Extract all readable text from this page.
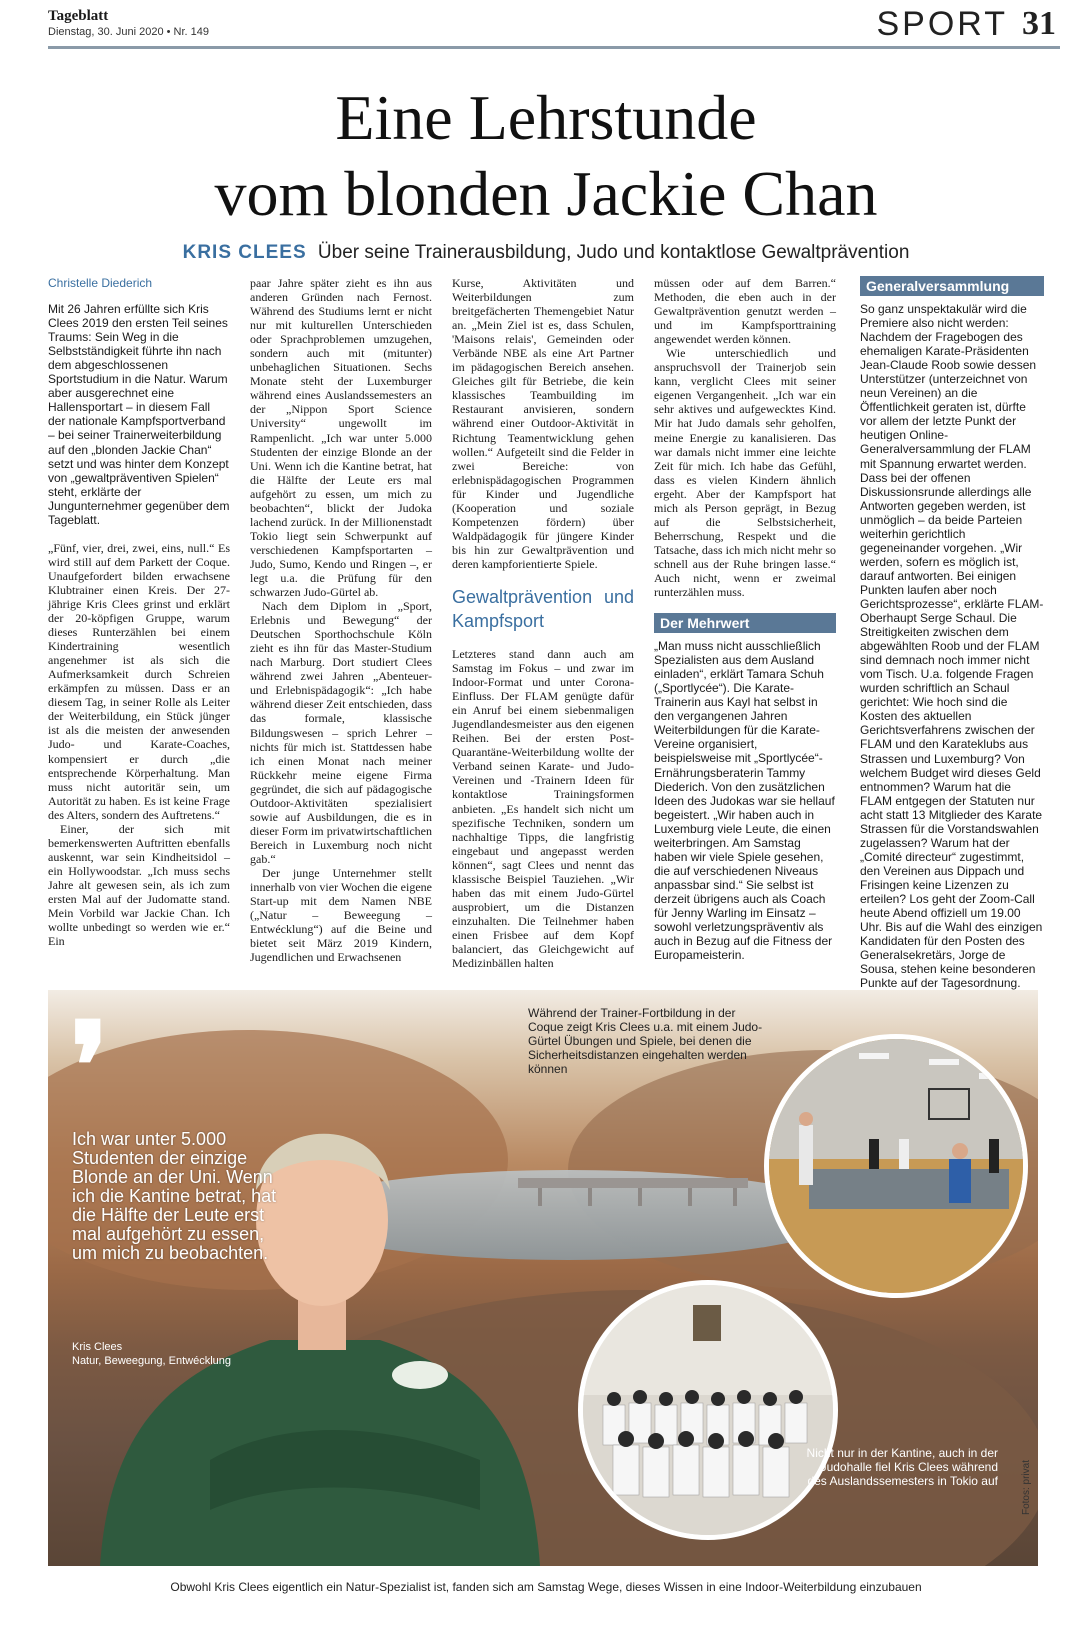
Tageblatt
Dienstag, 30. Juni 2020 • Nr. 149	SPORT 31
Eine Lehrstunde
vom blonden Jackie Chan
KRIS CLEES Über seine Trainerausbildung, Judo und kontaktlose Gewaltprävention

Christelle Diederich

Mit 26 Jahren erfüllte sich Kris Clees 2019 den ersten Teil seines Traums: Sein Weg in die Selbstständigkeit führte ihn nach dem abgeschlossenen Sportstudium in die Natur. Warum aber ausgerechnet eine Hallensportart – in diesem Fall der nationale Kampfsportverband – bei seiner Trainerweiterbildung auf den „blonden Jackie Chan“ setzt und was hinter dem Konzept von „gewaltpräventiven Spielen“ steht, erklärte der Jungunternehmer gegenüber dem Tageblatt.

„Fünf, vier, drei, zwei, eins, null.“ Es wird still auf dem Parkett der Coque. Unaufgefordert bilden erwachsene Klubtrainer einen Kreis. Der 27-jährige Kris Clees grinst und erklärt der 20-köpfigen Gruppe, warum dieses Runterzählen bei einem Kindertraining wesentlich angenehmer ist als sich die Aufmerksamkeit durch Schreien erkämpfen zu müssen. Dass er an diesem Tag, in seiner Rolle als Leiter der Weiterbildung, ein Stück jünger ist als die meisten der anwesenden Judo- und Karate-Coaches, kompensiert er durch „die entsprechende Körperhaltung. Man muss nicht autoritär sein, um Autorität zu haben. Es ist keine Frage des Alters, sondern des Auftretens.“

Einer, der sich mit bemerkenswerten Auftritten ebenfalls auskennt, war sein Kindheitsidol – ein Hollywoodstar. „Ich muss sechs Jahre alt gewesen sein, als ich zum ersten Mal auf der Judomatte stand. Mein Vorbild war Jackie Chan. Ich wollte unbedingt so werden wie er.“ Ein

paar Jahre später zieht es ihn aus anderen Gründen nach Fernost. Während des Studiums lernt er nicht nur mit kulturellen Unterschieden oder Sprachproblemen umzugehen, sondern auch mit (mitunter) unbehaglichen Situationen. Sechs Monate steht der Luxemburger während eines Auslandssemesters an der „Nippon Sport Science University“ ungewollt im Rampenlicht. „Ich war unter 5.000 Studenten der einzige Blonde an der Uni. Wenn ich die Kantine betrat, hat die Hälfte der Leute ers mal aufgehört zu essen, um mich zu beobachten“, blickt der Judoka lachend zurück. In der Millionenstadt Tokio liegt sein Schwerpunkt auf verschiedenen Kampfsportarten – Judo, Sumo, Kendo und Ringen –, er legt u.a. die Prüfung für den schwarzen Judo-Gürtel ab.

Nach dem Diplom in „Sport, Erlebnis und Bewegung“ der Deutschen Sporthochschule Köln zieht es ihn für das Master-Studium nach Marburg. Dort studiert Clees während zwei Jahren „Abenteuer- und Erlebnispädagogik“: „Ich habe während dieser Zeit entschieden, dass das formale, klassische Bildungswesen – sprich Lehrer – nichts für mich ist. Stattdessen habe ich einen Monat nach meiner Rückkehr meine eigene Firma gegründet, die sich auf pädagogische Outdoor-Aktivitäten spezialisiert sowie auf Ausbildungen, die es in dieser Form im privatwirtschaftlichen Bereich in Luxemburg noch nicht gab.“

Der junge Unternehmer stellt innerhalb von vier Wochen die eigene Start-up mit dem Namen NBE („Natur – Beweegung – Entwécklung“) auf die Beine und bietet seit März 2019 Kindern, Jugendlichen und Erwachsenen

Kurse, Aktivitäten und Weiterbildungen zum breitgefächerten Themengebiet Natur an. „Mein Ziel ist es, dass Schulen, 'Maisons relais', Gemeinden oder Verbände NBE als eine Art Partner im pädagogischen Bereich ansehen. Gleiches gilt für Betriebe, die kein klassisches Teambuilding im Restaurant anvisieren, sondern während einer Outdoor-Aktivität in Richtung Teamentwicklung gehen wollen.“ Aufgeteilt sind die Felder in zwei Bereiche: von erlebnispädagogischen Programmen für Kinder und Jugendliche (Kooperation und soziale Kompetenzen fördern) über Waldpädagogik für jüngere Kinder bis hin zur Gewaltprävention und deren kampforientierte Spiele.

Gewaltprävention und Kampfsport

Letzteres stand dann auch am Samstag im Fokus – und zwar im Indoor-Format und unter Corona-Einfluss. Der FLAM genügte dafür ein Anruf bei einem siebenmaligen Jugendlandesmeister aus den eigenen Reihen. Bei der ersten Post-Quarantäne-Weiterbildung wollte der Verband seinen Karate- und Judo-Vereinen und -Trainern Ideen für kontaktlose Trainingsformen anbieten. „Es handelt sich nicht um spezifische Techniken, sondern um nachhaltige Tipps, die langfristig eingebaut und angepasst werden können“, sagt Clees und nennt das klassische Beispiel Tauziehen. „Wir haben das mit einem Judo-Gürtel ausprobiert, um die Distanzen einzuhalten. Die Teilnehmer haben einen Frisbee auf dem Kopf balanciert, das Gleichgewicht auf Medizinbällen halten

müssen oder auf dem Barren.“ Methoden, die eben auch in der Gewaltprävention genutzt werden – und im Kampfsporttraining angewendet werden können.

Wie unterschiedlich und anspruchsvoll der Trainerjob sein kann, verglicht Clees mit seiner eigenen Vergangenheit. „Ich war ein sehr aktives und aufgewecktes Kind. Mir hat Judo damals sehr geholfen, meine Energie zu kanalisieren. Das war damals nicht immer eine leichte Zeit für mich. Ich habe das Gefühl, dass es vielen Kindern ähnlich ergeht. Aber der Kampfsport hat mich als Person geprägt, in Bezug auf die Selbstsicherheit, Beherrschung, Respekt und die Tatsache, dass ich mich nicht mehr so schnell aus der Ruhe bringen lasse.“ Auch nicht, wenn er zweimal runterzählen muss.

Der Mehrwert

„Man muss nicht ausschließlich Spezialisten aus dem Ausland einladen“, erklärt Tamara Schuh („Sportlycée“). Die Karate-Trainerin aus Kayl hat selbst in den vergangenen Jahren Weiterbildungen für die Karate-Vereine organisiert, beispielsweise mit „Sportlycée“-Ernährungsberaterin Tammy Diederich. Von den zusätzlichen Ideen des Judokas war sie hellauf begeistert. „Wir haben auch in Luxemburg viele Leute, die einen weiterbringen. Am Samstag haben wir viele Spiele gesehen, die auf verschiedenen Niveaus anpassbar sind.“ Sie selbst ist derzeit übrigens auch als Coach für Jenny Warling im Einsatz – sowohl verletzungspräventiv als auch in Bezug auf die Fitness der Europameisterin.

Generalversammlung

So ganz unspektakulär wird die Premiere also nicht werden: Nachdem der Fragebogen des ehemaligen Karate-Präsidenten Jean-Claude Roob sowie dessen Unterstützer (unterzeichnet von neun Vereinen) an die Öffentlichkeit geraten ist, dürfte vor allem der letzte Punkt der heutigen Online-Generalversammlung der FLAM mit Spannung erwartet werden. Dass bei der offenen Diskussionsrunde allerdings alle Antworten gegeben werden, ist unmöglich – da beide Parteien weiterhin gerichtlich gegeneinander vorgehen. „Wir werden, sofern es möglich ist, darauf antworten. Bei einigen Punkten laufen aber noch Gerichtsprozesse“, erklärte FLAM-Oberhaupt Serge Schaul. Die Streitigkeiten zwischen dem abgewählten Roob und der FLAM sind demnach noch immer nicht vom Tisch. U.a. folgende Fragen wurden schriftlich an Schaul gerichtet: Wie hoch sind die Kosten des aktuellen Gerichtsverfahrens zwischen der FLAM und den Karateklubs aus Strassen und Luxemburg? Von welchem Budget wird dieses Geld entnommen? Warum hat die FLAM entgegen der Statuten nur acht statt 13 Mitglieder des Karate Strassen für die Vorstandswahlen zugelassen? Warum hat der „Comité directeur“ zugestimmt, den Vereinen aus Dippach und Frisingen keine Lizenzen zu erteilen? Los geht der Zoom-Call heute Abend offiziell um 19.00 Uhr. Bis auf die Wahl des einzigen Kandidaten für den Posten des Generalsekretärs, Jorge de Sousa, stehen keine besonderen Punkte auf der Tagesordnung.

❜
Ich war unter 5.000 Studenten der einzige Blonde an der Uni. Wenn ich die Kantine betrat, hat die Hälfte der Leute erst mal aufgehört zu essen, um mich zu beobachten.
Kris Clees
Natur, Beweegung, Entwécklung
Während der Trainer-Fortbildung in der Coque zeigt Kris Clees u.a. mit einem Judo-Gürtel Übungen und Spiele, bei denen die Sicherheitsdistanzen eingehalten werden können
Nicht nur in der Kantine, auch in der Judohalle fiel Kris Clees während des Auslandssemesters in Tokio auf Fotos: privat
Obwohl Kris Clees eigentlich ein Natur-Spezialist ist, fanden sich am Samstag Wege, dieses Wissen in eine Indoor-Weiterbildung einzubauen
